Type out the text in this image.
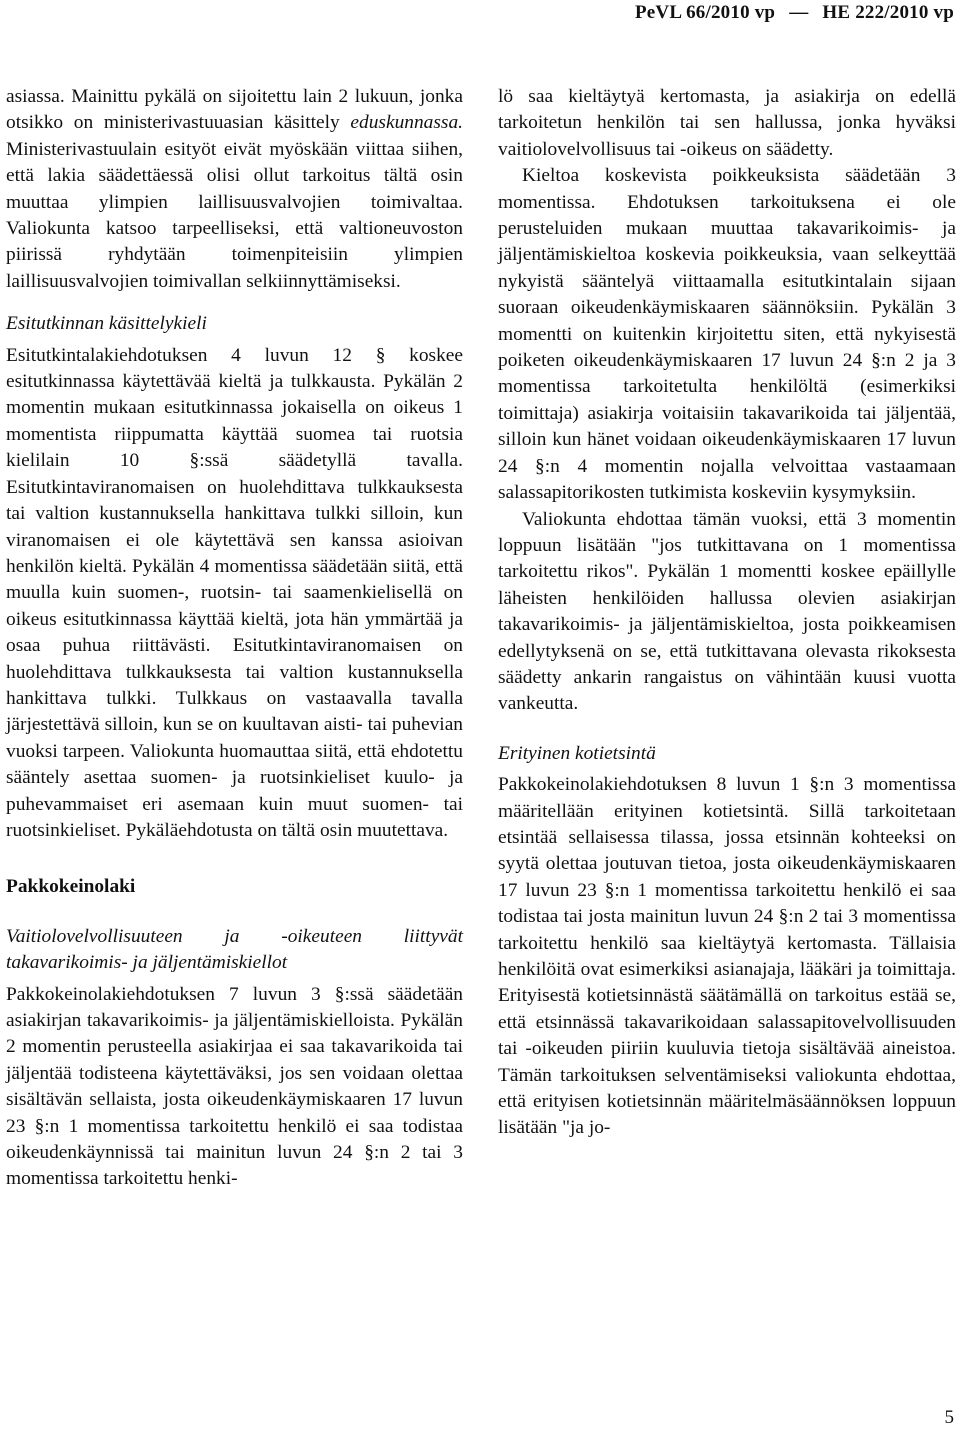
PeVL 66/2010 vp — HE 222/2010 vp

asiassa. Mainittu pykälä on sijoitettu lain 2 lukuun, jonka otsikko on ministerivastuuasian käsittely eduskunnassa. Ministerivastuulain esityöt eivät myöskään viittaa siihen, että lakia säädettäessä olisi ollut tarkoitus tältä osin muuttaa ylimpien laillisuusvalvojien toimivaltaa. Valiokunta katsoo tarpeelliseksi, että valtioneuvoston piirissä ryhdytään toimenpiteisiin ylimpien laillisuusvalvojien toimivallan selkiinnyttämiseksi.

Esitutkinnan käsittelykieli

Esitutkintalakiehdotuksen 4 luvun 12 § koskee esitutkinnassa käytettävää kieltä ja tulkkausta. Pykälän 2 momentin mukaan esitutkinnassa jokaisella on oikeus 1 momentista riippumatta käyttää suomea tai ruotsia kielilain 10 §:ssä säädetyllä tavalla. Esitutkintaviranomaisen on huolehdittava tulkkauksesta tai valtion kustannuksella hankittava tulkki silloin, kun viranomaisen ei ole käytettävä sen kanssa asioivan henkilön kieltä. Pykälän 4 momentissa säädetään siitä, että muulla kuin suomen-, ruotsin- tai saamenkielisellä on oikeus esitutkinnassa käyttää kieltä, jota hän ymmärtää ja osaa puhua riittävästi. Esitutkintaviranomaisen on huolehdittava tulkkauksesta tai valtion kustannuksella hankittava tulkki. Tulkkaus on vastaavalla tavalla järjestettävä silloin, kun se on kuultavan aisti- tai puhevian vuoksi tarpeen. Valiokunta huomauttaa siitä, että ehdotettu sääntely asettaa suomen- ja ruotsinkieliset kuulo- ja puhevammaiset eri asemaan kuin muut suomen- tai ruotsinkieliset. Pykäläehdotusta on tältä osin muutettava.

Pakkokeinolaki
Vaitiolovelvollisuuteen ja -oikeuteen liittyvät takavarikoimis- ja jäljentämiskiellot

Pakkokeinolakiehdotuksen 7 luvun 3 §:ssä säädetään asiakirjan takavarikoimis- ja jäljentämiskielloista. Pykälän 2 momentin perusteella asiakirjaa ei saa takavarikoida tai jäljentää todisteena käytettäväksi, jos sen voidaan olettaa sisältävän sellaista, josta oikeudenkäymiskaaren 17 luvun 23 §:n 1 momentissa tarkoitettu henkilö ei saa todistaa oikeudenkäynnissä tai mainitun luvun 24 §:n 2 tai 3 momentissa tarkoitettu henki-

lö saa kieltäytyä kertomasta, ja asiakirja on edellä tarkoitetun henkilön tai sen hallussa, jonka hyväksi vaitiolovelvollisuus tai -oikeus on säädetty.

Kieltoa koskevista poikkeuksista säädetään 3 momentissa. Ehdotuksen tarkoituksena ei ole perusteluiden mukaan muuttaa takavarikoimis- ja jäljentämiskieltoa koskevia poikkeuksia, vaan selkeyttää nykyistä sääntelyä viittaamalla esitutkintalain sijaan suoraan oikeudenkäymiskaaren säännöksiin. Pykälän 3 momentti on kuitenkin kirjoitettu siten, että nykyisestä poiketen oikeudenkäymiskaaren 17 luvun 24 §:n 2 ja 3 momentissa tarkoitetulta henkilöltä (esimerkiksi toimittaja) asiakirja voitaisiin takavarikoida tai jäljentää, silloin kun hänet voidaan oikeudenkäymiskaaren 17 luvun 24 §:n 4 momentin nojalla velvoittaa vastaamaan salassapitorikosten tutkimista koskeviin kysymyksiin.

Valiokunta ehdottaa tämän vuoksi, että 3 momentin loppuun lisätään "jos tutkittavana on 1 momentissa tarkoitettu rikos". Pykälän 1 momentti koskee epäillylle läheisten henkilöiden hallussa olevien asiakirjan takavarikoimis- ja jäljentämiskieltoa, josta poikkeamisen edellytyksenä on se, että tutkittavana olevasta rikoksesta säädetty ankarin rangaistus on vähintään kuusi vuotta vankeutta.

Erityinen kotietsintä

Pakkokeinolakiehdotuksen 8 luvun 1 §:n 3 momentissa määritellään erityinen kotietsintä. Sillä tarkoitetaan etsintää sellaisessa tilassa, jossa etsinnän kohteeksi on syytä olettaa joutuvan tietoa, josta oikeudenkäymiskaaren 17 luvun 23 §:n 1 momentissa tarkoitettu henkilö ei saa todistaa tai josta mainitun luvun 24 §:n 2 tai 3 momentissa tarkoitettu henkilö saa kieltäytyä kertomasta. Tällaisia henkilöitä ovat esimerkiksi asianajaja, lääkäri ja toimittaja. Erityisestä kotietsinnästä säätämällä on tarkoitus estää se, että etsinnässä takavarikoidaan salassapitovelvollisuuden tai -oikeuden piiriin kuuluvia tietoja sisältävää aineistoa. Tämän tarkoituksen selventämiseksi valiokunta ehdottaa, että erityisen kotietsinnän määritelmäsäännöksen loppuun lisätään "ja jo-

5
